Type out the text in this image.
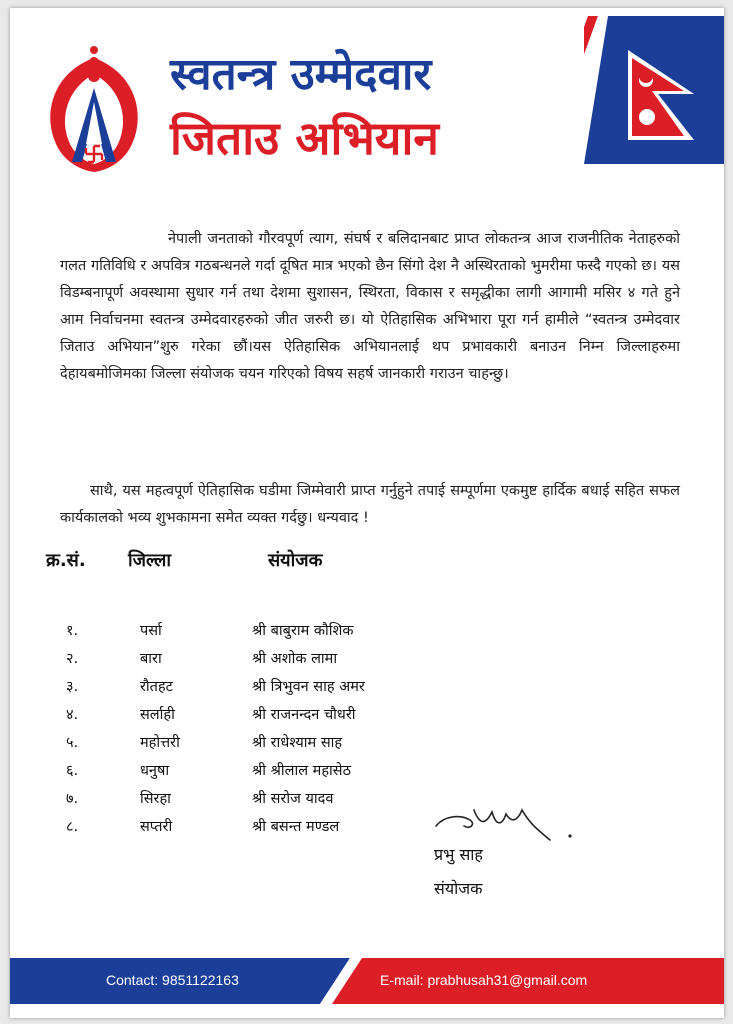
स्वतन्त्र उम्मेदवार
जिताउ अभियान
नेपाली जनताको गौरवपूर्ण त्याग, संघर्ष र बलिदानबाट प्राप्त लोकतन्त्र आज राजनीतिक नेताहरुको गलत गतिविधि र अपवित्र गठबन्धनले गर्दा दूषित मात्र भएको छैन सिंगो देश नै अस्थिरताको भुमरीमा फस्दै गएको छ। यस विडम्बनापूर्ण अवस्थामा सुधार गर्न तथा देशमा सुशासन, स्थिरता, विकास र समृद्धीका लागी आगामी मसिर ४ गते हुने आम निर्वाचनमा स्वतन्त्र उम्मेदवारहरुको जीत जरुरी छ। यो ऐतिहासिक अभिभारा पूरा गर्न हामीले “स्वतन्त्र उम्मेदवार जिताउ अभियान”शुरु गरेका छौं।यस ऐतिहासिक अभियानलाई थप प्रभावकारी बनाउन निम्न जिल्लाहरुमा देहायबमोजिमका जिल्ला संयोजक चयन गरिएको विषय सहर्ष जानकारी गराउन चाहन्छु।
साथै, यस महत्वपूर्ण ऐतिहासिक घडीमा जिम्मेवारी प्राप्त गर्नुहुने तपाई सम्पूर्णमा एकमुष्ट हार्दिक बधाई सहित सफल कार्यकालको भव्य शुभकामना समेत व्यक्त गर्दछु। धन्यवाद !
क्र.सं. जिल्ला	संयोजक
१.	पर्सा	श्री बाबुराम कौशिक
२.	बारा	श्री अशोक लामा
३.	रौतहट	श्री त्रिभुवन साह अमर
४.	सर्लाही	श्री राजनन्दन चौधरी
५.	महोत्तरी	श्री राधेश्याम साह
६.	धनुषा	श्री श्रीलाल महासेठ
७.	सिरहा	श्री सरोज यादव
८.	सप्तरी	श्री बसन्त मण्डल
प्रभु साह
संयोजक
Contact: 9851122163	E-mail: prabhusah31@gmail.com
